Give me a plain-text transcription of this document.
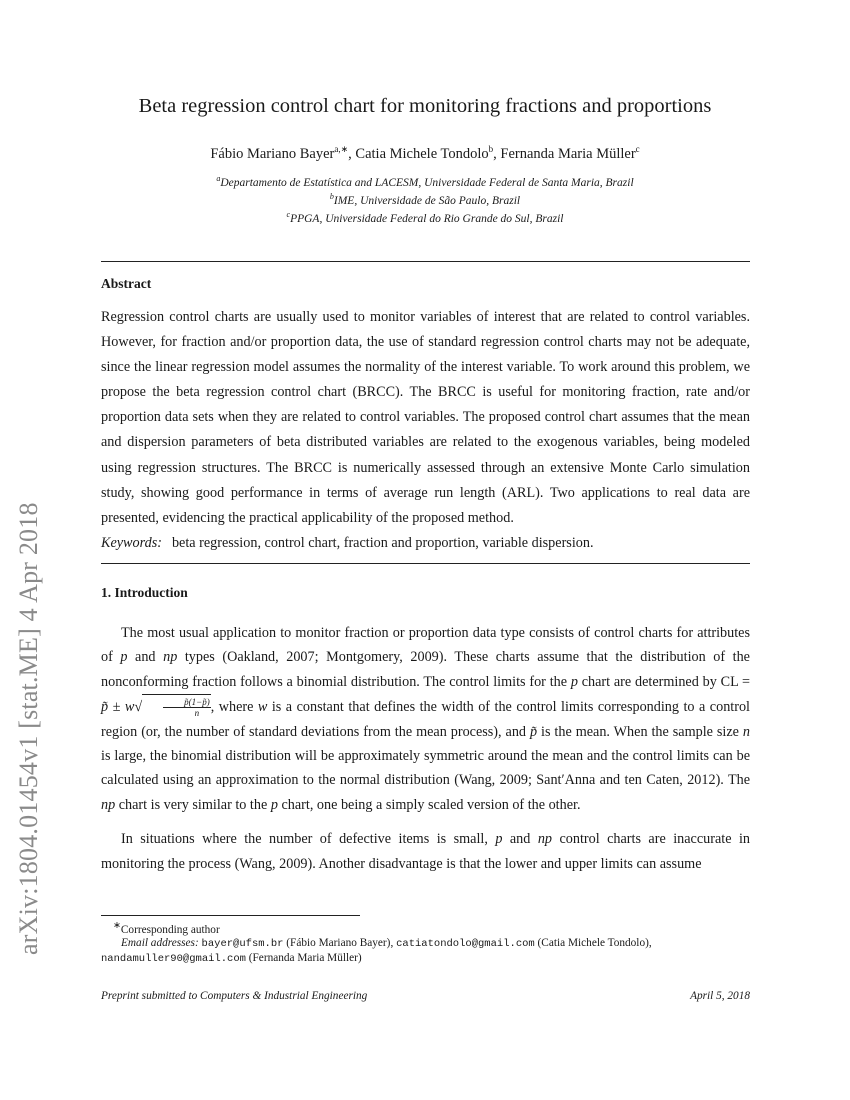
arXiv:1804.01454v1 [stat.ME] 4 Apr 2018
Beta regression control chart for monitoring fractions and proportions
Fábio Mariano Bayer$^{a,∗}$, Catia Michele Tondolo$^b$, Fernanda Maria Müller$^c$
$^a$Departamento de Estatística and LACESM, Universidade Federal de Santa Maria, Brazil
$^b$IME, Universidade de São Paulo, Brazil
$^c$PPGA, Universidade Federal do Rio Grande do Sul, Brazil
Abstract
Regression control charts are usually used to monitor variables of interest that are related to control variables. However, for fraction and/or proportion data, the use of standard regression control charts may not be adequate, since the linear regression model assumes the normality of the interest variable. To work around this problem, we propose the beta regression control chart (BRCC). The BRCC is useful for monitoring fraction, rate and/or proportion data sets when they are related to control variables. The proposed control chart assumes that the mean and dispersion parameters of beta distributed variables are related to the exogenous variables, being modeled using regression structures. The BRCC is numerically assessed through an extensive Monte Carlo simulation study, showing good performance in terms of average run length (ARL). Two applications to real data are presented, evidencing the practical applicability of the proposed method.
Keywords: beta regression, control chart, fraction and proportion, variable dispersion.
1. Introduction

The most usual application to monitor fraction or proportion data type consists of control charts for attributes of p and np types (Oakland, 2007; Montgomery, 2009). These charts assume that the distribution of the nonconforming fraction follows a binomial distribution. The control limits for the p chart are determined by CL = p̃ ± $w√ \frac{p̃(1-p̃)}{n}$ , where w is a constant that defines the width of the control limits corresponding to a control region (or, the number of standard deviations from the mean process), and p̃ is the mean. When the sample size n is large, the binomial distribution will be approximately symmetric around the mean and the control limits can be calculated using an approximation to the normal distribution (Wang, 2009; Sant′Anna and ten Caten, 2012). The np chart is very similar to the p chart, one being a simply scaled version of the other.

In situations where the number of defective items is small, p and np control charts are inaccurate in monitoring the process (Wang, 2009). Another disadvantage is that the lower and upper limits can assume

∗Corresponding author
Email addresses: bayer@ufsm.br (Fábio Mariano Bayer), catiatondolo@gmail.com (Catia Michele Tondolo),
nandamuller90@gmail.com (Fernanda Maria Müller)
Preprint submitted to Computers & Industrial Engineering	April 5, 2018
